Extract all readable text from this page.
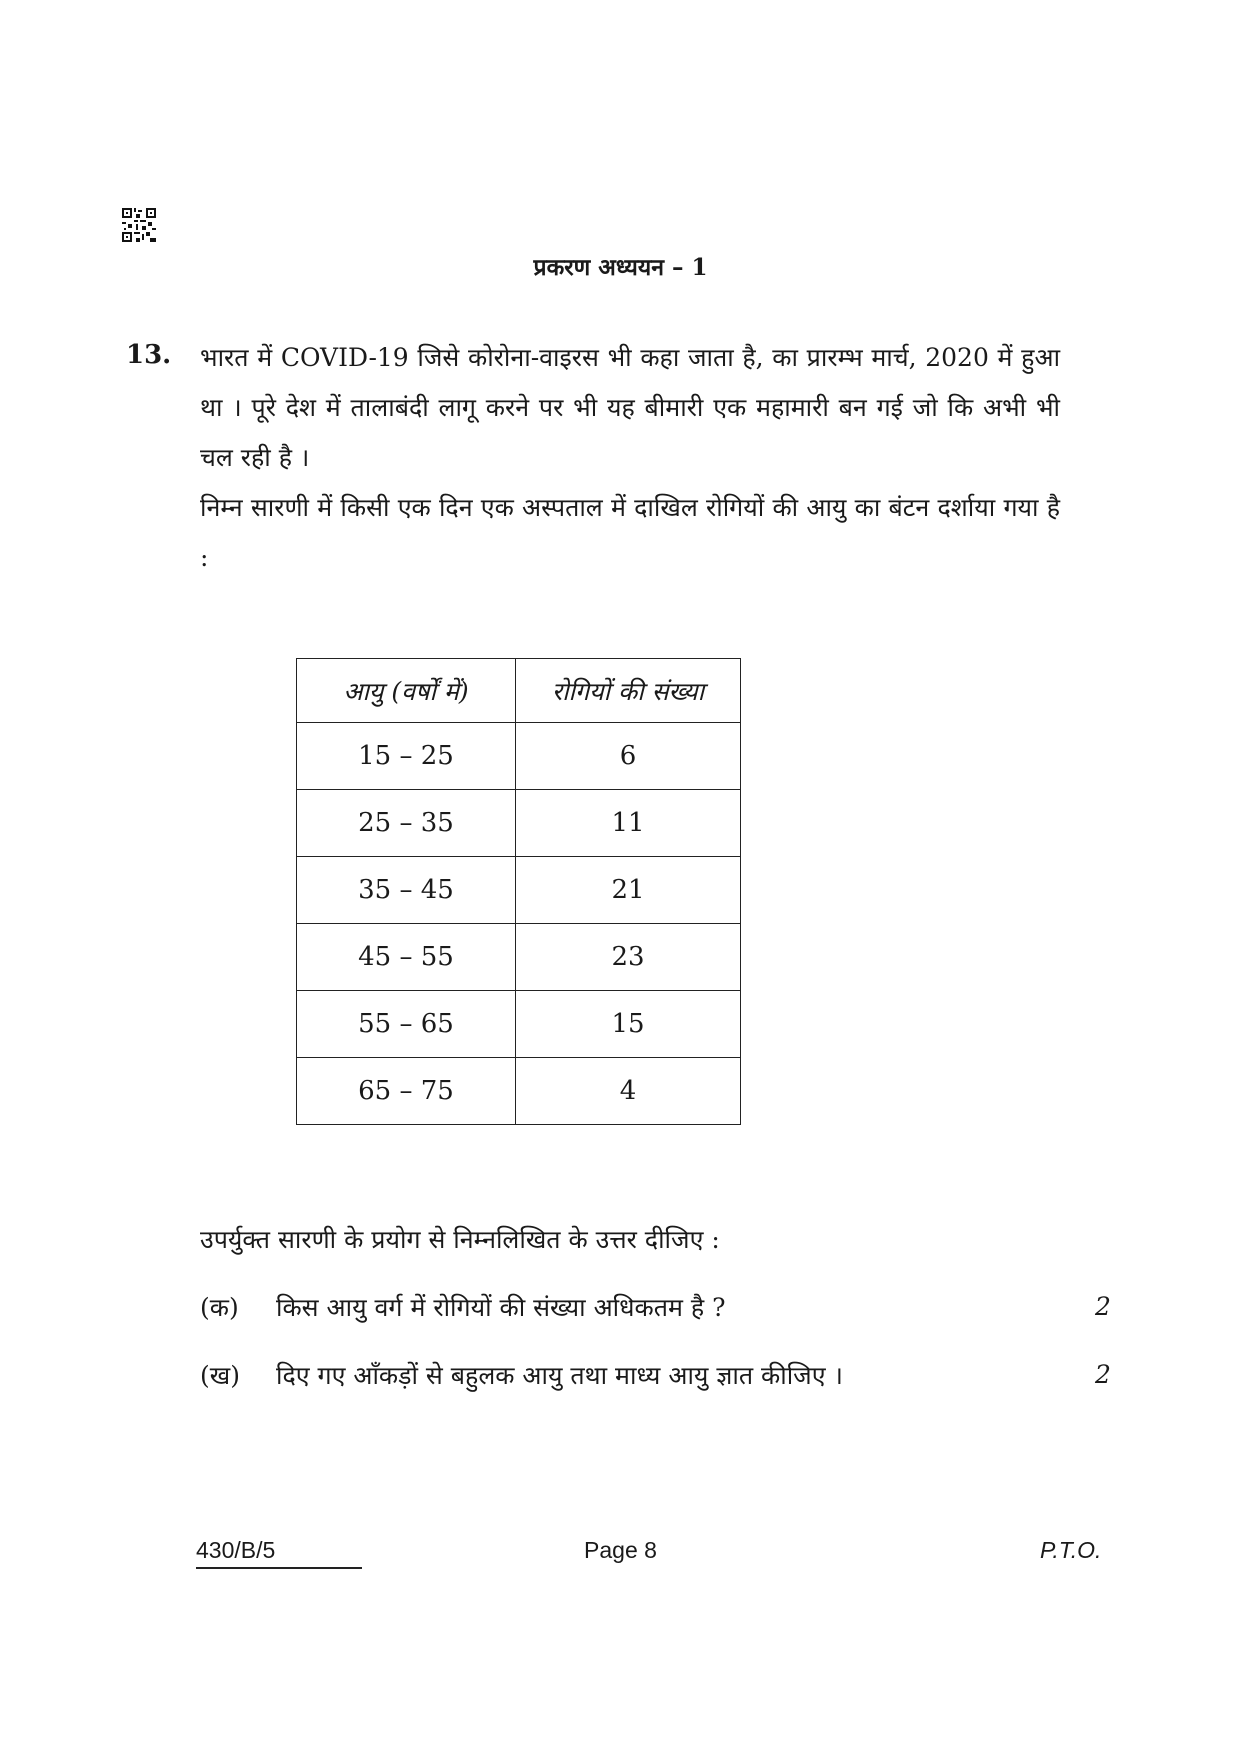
प्रकरण अध्ययन – 1
13. भारत में COVID-19 जिसे कोरोना-वाइरस भी कहा जाता है, का प्रारम्भ मार्च, 2020 में हुआ था । पूरे देश में तालाबंदी लागू करने पर भी यह बीमारी एक महामारी बन गई जो कि अभी भी चल रही है ।
निम्न सारणी में किसी एक दिन एक अस्पताल में दाखिल रोगियों की आयु का बंटन दर्शाया गया है :
आयु (वर्षों में)	रोगियों की संख्या
15 – 25	6
25 – 35	11
35 – 45	21
45 – 55	23
55 – 65	15
65 – 75	4
उपर्युक्त सारणी के प्रयोग से निम्नलिखित के उत्तर दीजिए :
(क) किस आयु वर्ग में रोगियों की संख्या अधिकतम है ?	2
(ख) दिए गए आँकड़ों से बहुलक आयु तथा माध्य आयु ज्ञात कीजिए ।	2
430/B/5	Page 8	P.T.O.
